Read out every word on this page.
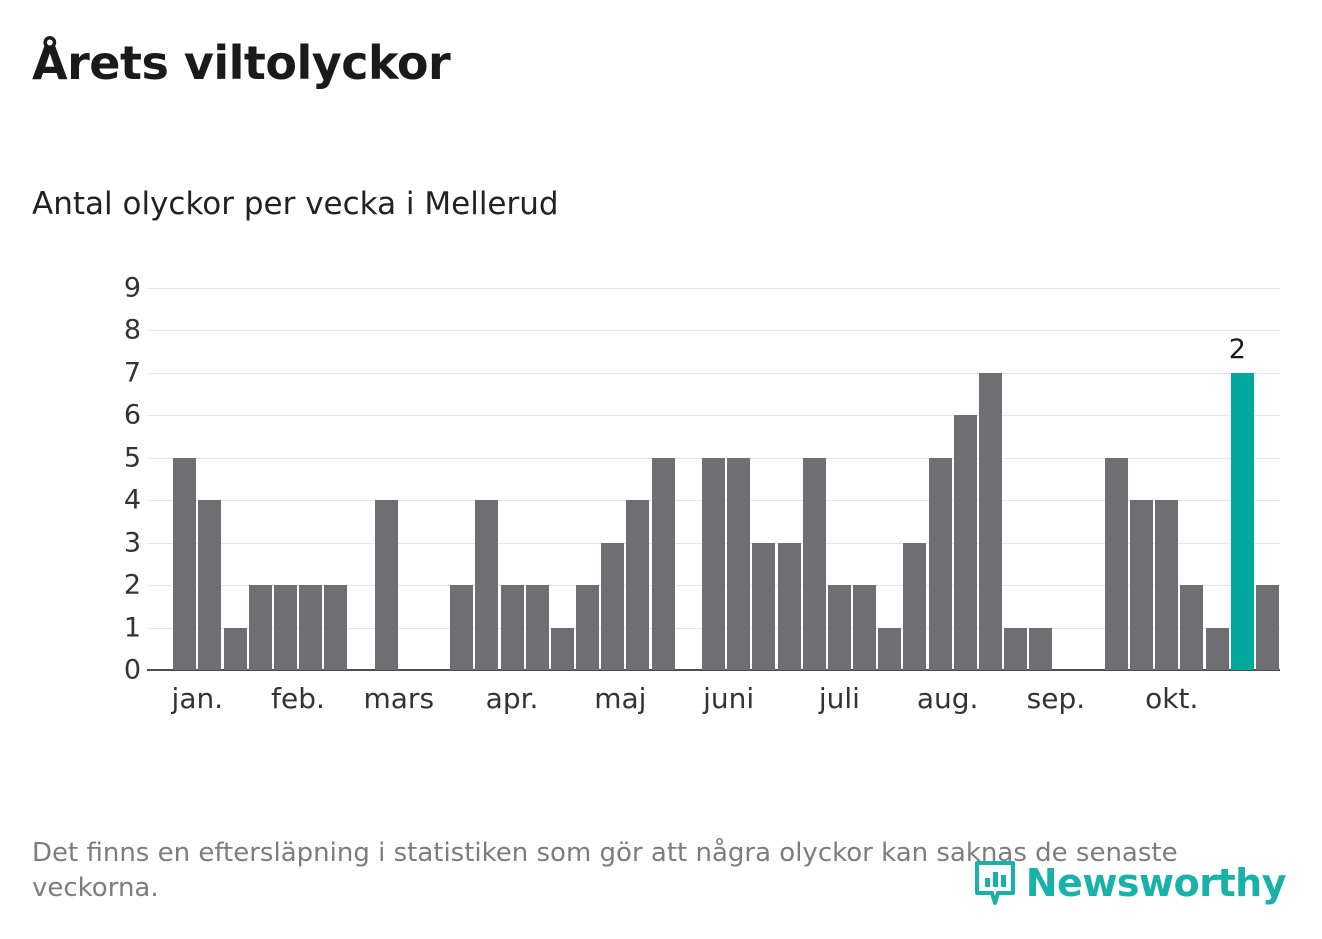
Årets viltolyckor
Antal olyckor per vecka i Mellerud
0
1
2
3
4
5
6
7
8
9
2
jan. feb. mars apr. maj juni juli aug. sep. okt.
Det finns en eftersläpning i statistiken som gör att några olyckor kan saknas de senaste veckorna.	Newsworthy
